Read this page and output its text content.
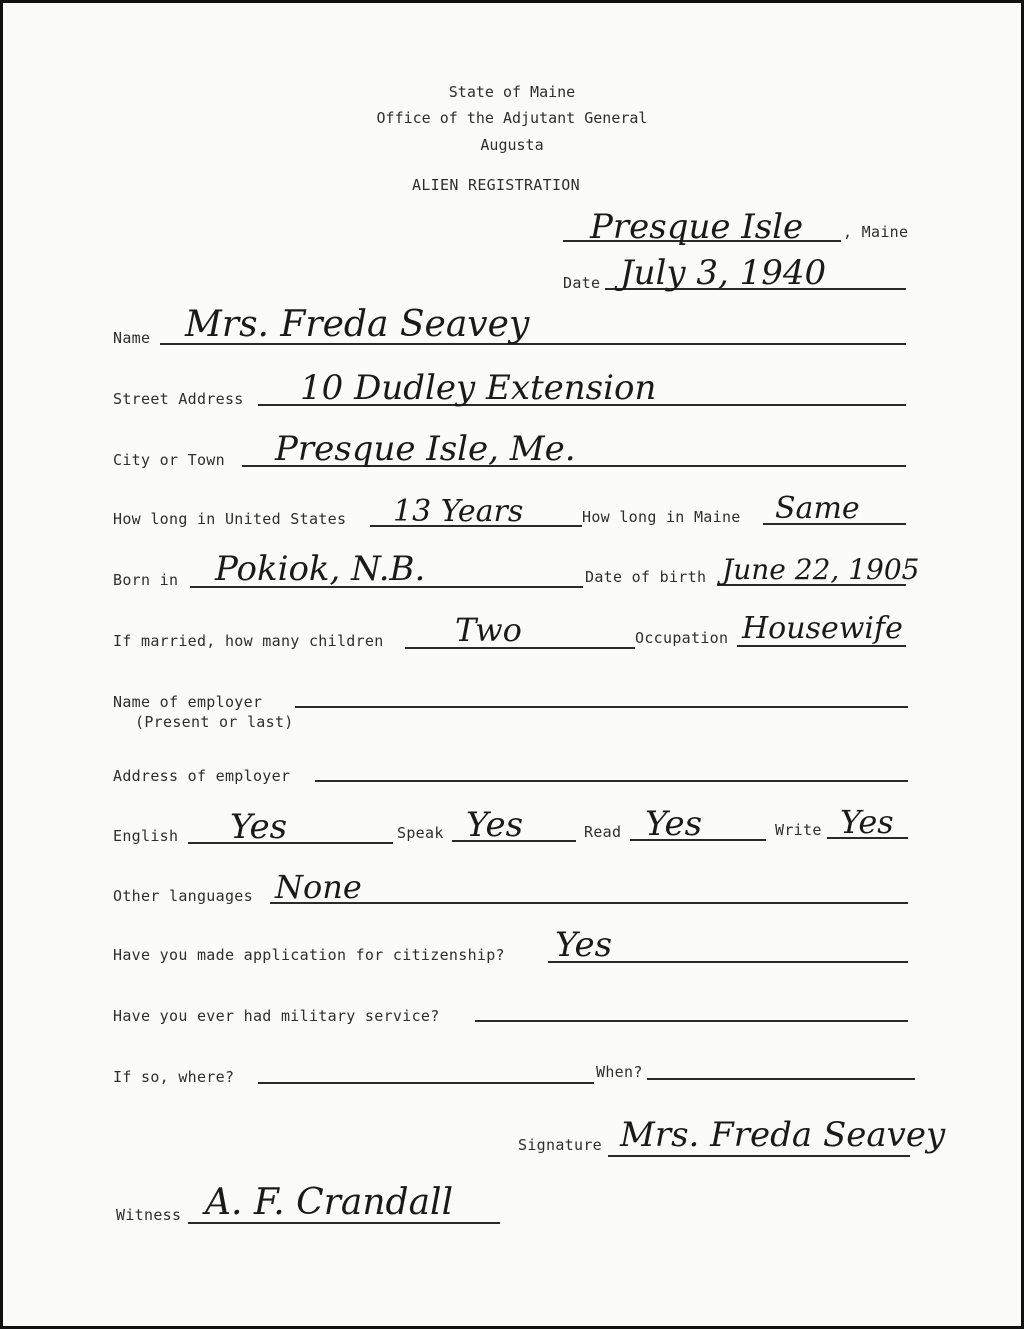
State of Maine
Office of the Adjutant General
Augusta
ALIEN REGISTRATION
Presque Isle	, Maine
Date July 3, 1940
Name Mrs. Freda Seavey
Street Address 10 Dudley Extension
City or Town Presque Isle, Me.
How long in United States 13 Years	How long in Maine Same
Born in Pokiok, N.B.	Date of birth June 22, 1905
If married, how many children Two	Occupation Housewife
Name of employer
(Present or last)
Address of employer
English Yes	Speak Yes	Read Yes	Write Yes
Other languages None
Have you made application for citizenship? Yes
Have you ever had military service?
If so, where?	When?
Signature Mrs. Freda Seavey
Witness A. F. Crandall
